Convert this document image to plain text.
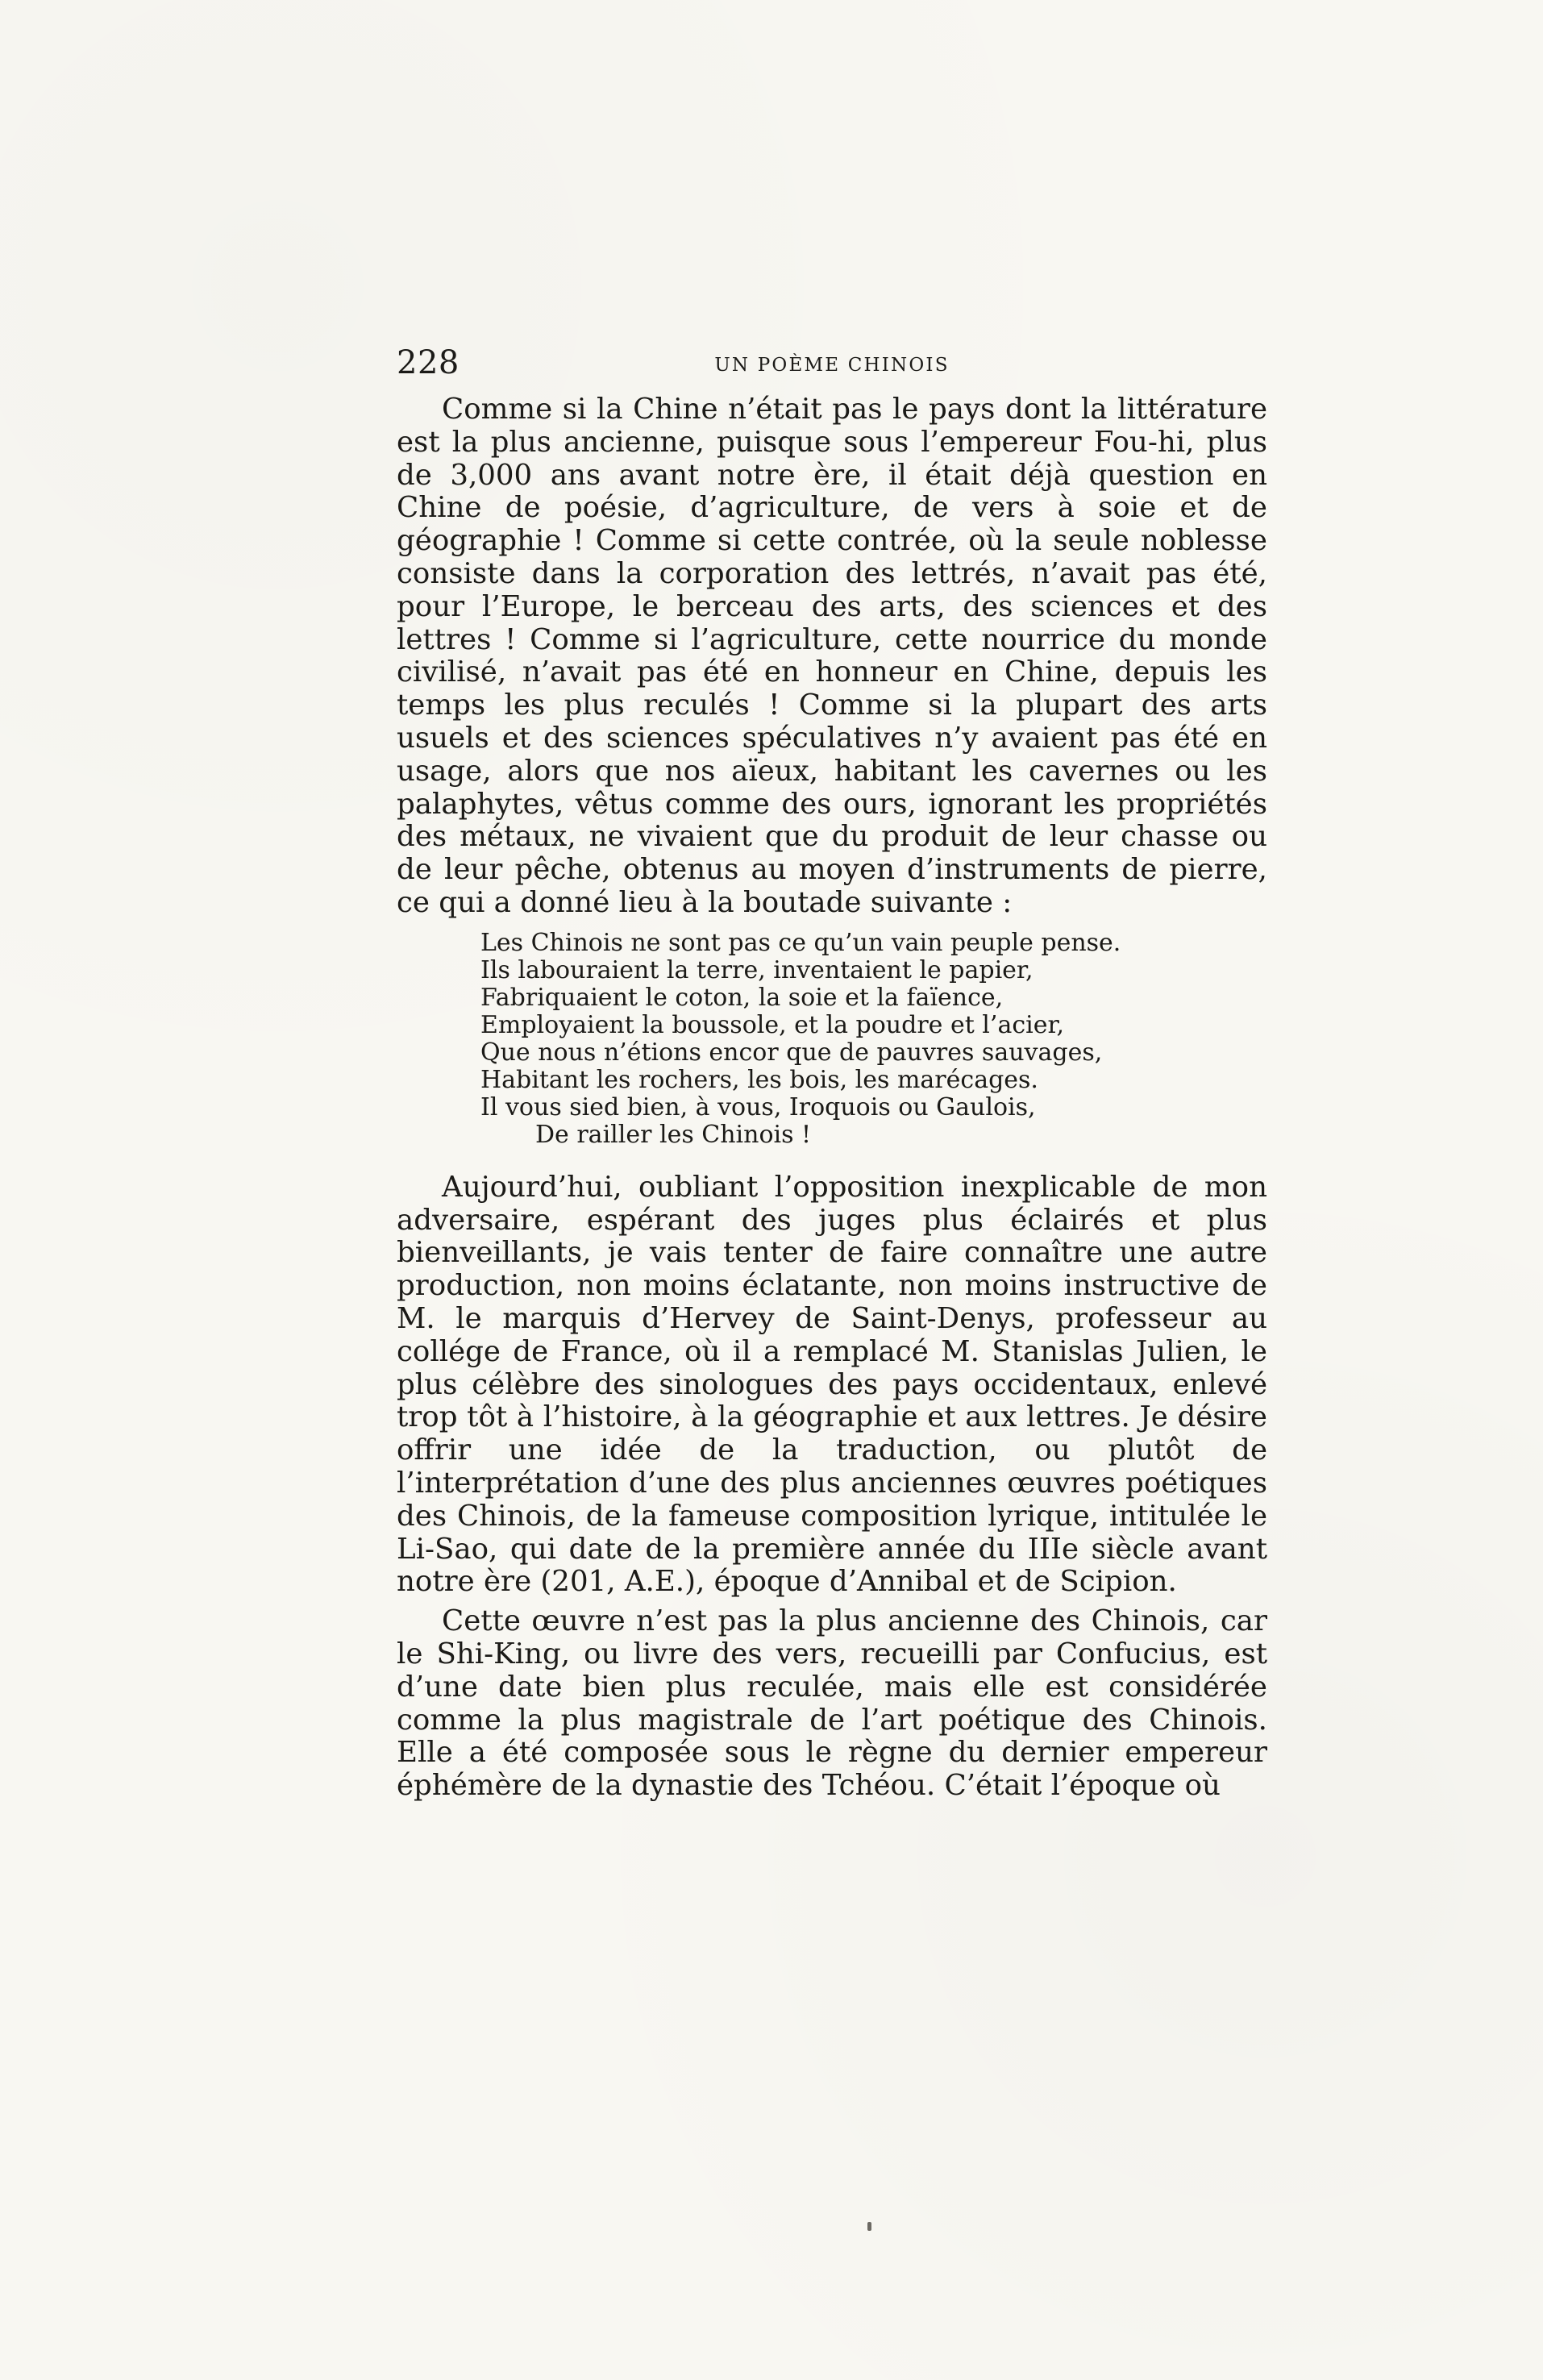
228	UN POÈME CHINOIS

Comme si la Chine n’était pas le pays dont la littérature est la plus ancienne, puisque sous l’empereur Fou-hi, plus de 3,000 ans avant notre ère, il était déjà question en Chine de poésie, d’agriculture, de vers à soie et de géographie ! Comme si cette contrée, où la seule noblesse consiste dans la corporation des lettrés, n’avait pas été, pour l’Europe, le berceau des arts, des sciences et des lettres ! Comme si l’agriculture, cette nourrice du monde civilisé, n’avait pas été en honneur en Chine, depuis les temps les plus reculés ! Comme si la plupart des arts usuels et des sciences spéculatives n’y avaient pas été en usage, alors que nos aïeux, habitant les cavernes ou les palaphytes, vêtus comme des ours, ignorant les propriétés des métaux, ne vivaient que du produit de leur chasse ou de leur pêche, obtenus au moyen d’instruments de pierre, ce qui a donné lieu à la boutade suivante :

Les Chinois ne sont pas ce qu’un vain peuple pense.
Ils labouraient la terre, inventaient le papier,
Fabriquaient le coton, la soie et la faïence,
Employaient la boussole, et la poudre et l’acier,
Que nous n’étions encor que de pauvres sauvages,
Habitant les rochers, les bois, les marécages.
Il vous sied bien, à vous, Iroquois ou Gaulois,
De railler les Chinois !

Aujourd’hui, oubliant l’opposition inexplicable de mon adversaire, espérant des juges plus éclairés et plus bienveillants, je vais tenter de faire connaître une autre production, non moins éclatante, non moins instructive de M. le marquis d’Hervey de Saint-Denys, professeur au collége de France, où il a remplacé M. Stanislas Julien, le plus célèbre des sinologues des pays occidentaux, enlevé trop tôt à l’histoire, à la géographie et aux lettres. Je désire offrir une idée de la traduction, ou plutôt de l’interprétation d’une des plus anciennes œuvres poétiques des Chinois, de la fameuse composition lyrique, intitulée le Li-Sao, qui date de la première année du IIIe siècle avant notre ère (201, A.E.), époque d’Annibal et de Scipion.

Cette œuvre n’est pas la plus ancienne des Chinois, car le Shi-King, ou livre des vers, recueilli par Confucius, est d’une date bien plus reculée, mais elle est considérée comme la plus magistrale de l’art poétique des Chinois. Elle a été composée sous le règne du dernier empereur éphémère de la dynastie des Tchéou. C’était l’époque où
